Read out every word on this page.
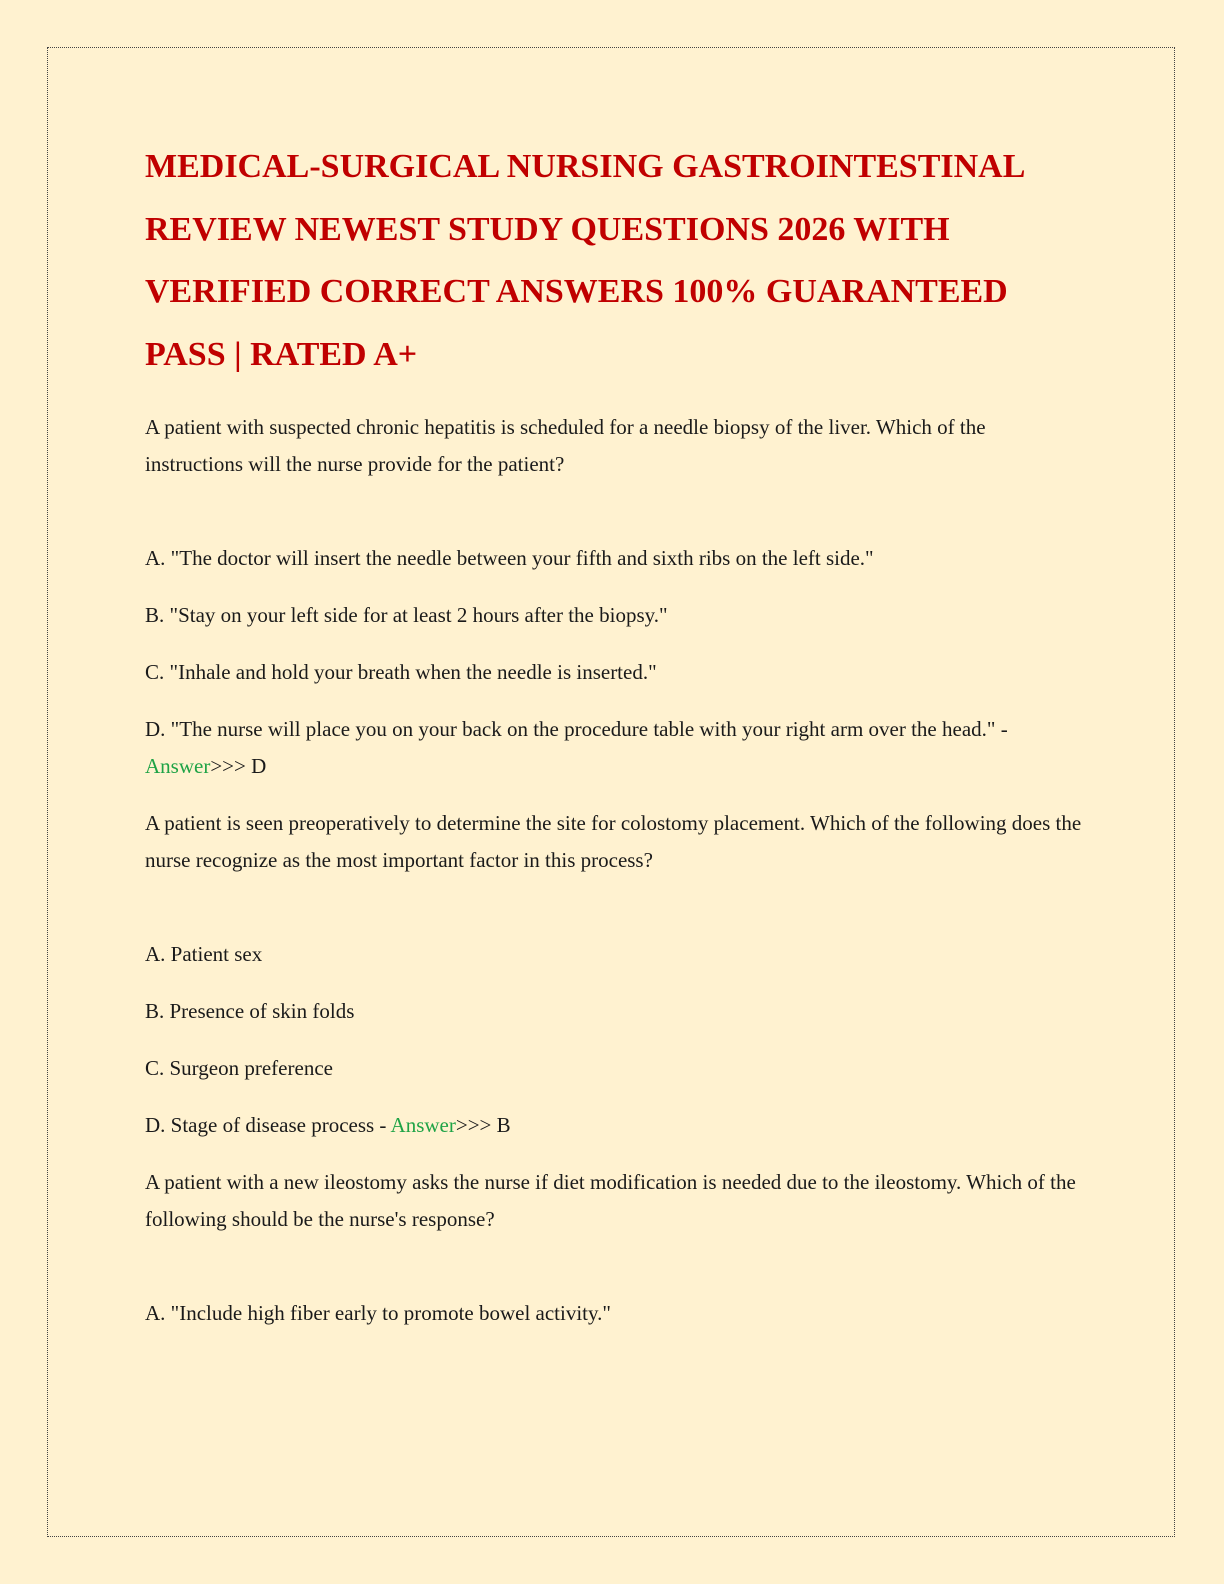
MEDICAL-SURGICAL NURSING GASTROINTESTINAL REVIEW NEWEST STUDY QUESTIONS 2026 WITH VERIFIED CORRECT ANSWERS 100% GUARANTEED PASS | RATED A+

A patient with suspected chronic hepatitis is scheduled for a needle biopsy of the liver. Which of the instructions will the nurse provide for the patient?

A. "The doctor will insert the needle between your fifth and sixth ribs on the left side."

B. "Stay on your left side for at least 2 hours after the biopsy."

C. "Inhale and hold your breath when the needle is inserted."

D. "The nurse will place you on your back on the procedure table with your right arm over the head." - Answer>>> D

A patient is seen preoperatively to determine the site for colostomy placement. Which of the following does the nurse recognize as the most important factor in this process?

A. Patient sex

B. Presence of skin folds

C. Surgeon preference

D. Stage of disease process - Answer>>> B

A patient with a new ileostomy asks the nurse if diet modification is needed due to the ileostomy. Which of the following should be the nurse's response?

A. "Include high fiber early to promote bowel activity."
